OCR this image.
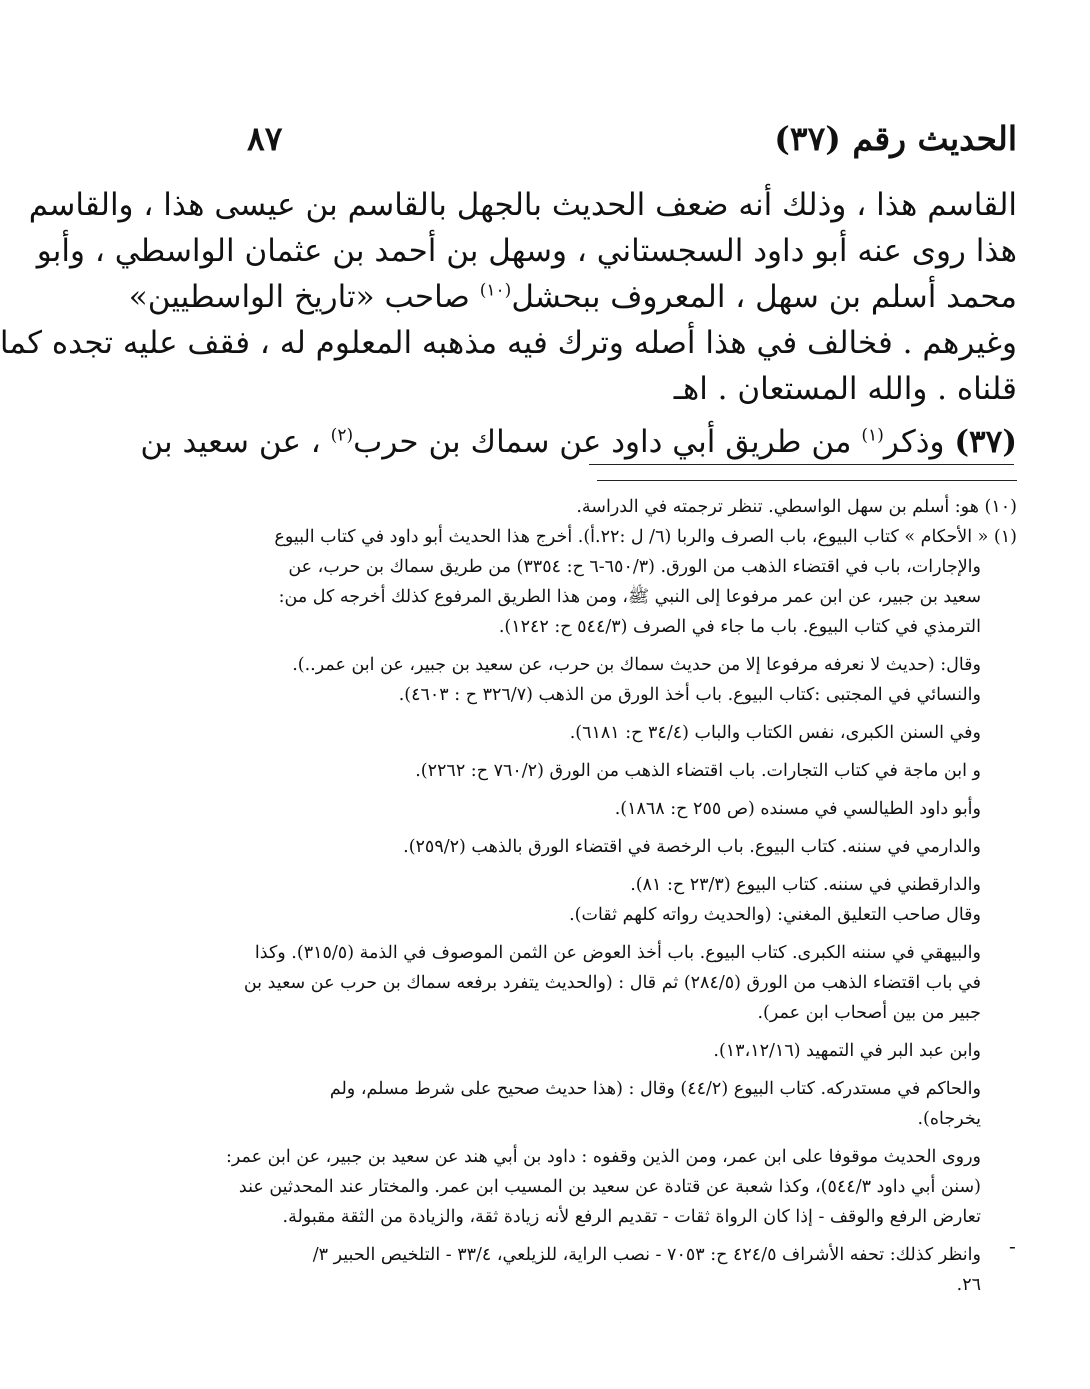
الحديث رقم (٣٧)
٨٧
القاسم هذا ، وذلك أنه ضعف الحديث بالجهل بالقاسم بن عيسى هذا ، والقاسم
هذا روى عنه أبو داود السجستاني ، وسهل بن أحمد بن عثمان الواسطي ، وأبو
محمد أسلم بن سهل ، المعروف ببحشل$^{(١٠)}$ صاحب «تاريخ الواسطيين»
وغيرهم . فخالف في هذا أصله وترك فيه مذهبه المعلوم له ، فقف عليه تجده كما
قلناه . والله المستعان . اهـ
(٣٧) وذكر$^{(١)}$ من طريق أبي داود عن سماك بن حرب$^{(٢)}$ ، عن سعيد بن
(١٠) هو: أسلم بن سهل الواسطي. تنظر ترجمته في الدراسة.
(١) « الأحكام » كتاب البيوع، باب الصرف والربا (٦/ ل :٢٢.أ). أخرج هذا الحديث أبو داود في كتاب البيوع
والإجارات، باب في اقتضاء الذهب من الورق. (٦٥٠/٣-٦ ح: ٣٣٥٤) من طريق سماك بن حرب، عن
سعيد بن جبير، عن ابن عمر مرفوعا إلى النبي ﷺ، ومن هذا الطريق المرفوع كذلك أخرجه كل من:
الترمذي في كتاب البيوع. باب ما جاء في الصرف (٥٤٤/٣ ح: ١٢٤٢).
وقال: (حديث لا نعرفه مرفوعا إلا من حديث سماك بن حرب، عن سعيد بن جبير، عن ابن عمر..).
والنسائي في المجتبى :كتاب البيوع. باب أخذ الورق من الذهب (٣٢٦/٧ ح : ٤٦٠٣).
وفي السنن الكبرى، نفس الكتاب والباب (٣٤/٤ ح: ٦١٨١).
و ابن ماجة في كتاب التجارات. باب اقتضاء الذهب من الورق (٧٦٠/٢ ح: ٢٢٦٢).
وأبو داود الطيالسي في مسنده (ص ٢٥٥ ح: ١٨٦٨).
والدارمي في سننه. كتاب البيوع. باب الرخصة في اقتضاء الورق بالذهب (٢٥٩/٢).
والدارقطني في سننه. كتاب البيوع (٢٣/٣ ح: ٨١).
وقال صاحب التعليق المغني: (والحديث رواته كلهم ثقات).
والبيهقي في سننه الكبرى. كتاب البيوع. باب أخذ العوض عن الثمن الموصوف في الذمة (٣١٥/٥). وكذا
في باب اقتضاء الذهب من الورق (٢٨٤/٥) ثم قال : (والحديث يتفرد برفعه سماك بن حرب عن سعيد بن
جبير من بين أصحاب ابن عمر).
وابن عبد البر في التمهيد (١٣،١٢/١٦).
والحاكم في مستدركه. كتاب البيوع (٤٤/٢) وقال : (هذا حديث صحيح على شرط مسلم، ولم
يخرجاه).
وروى الحديث موقوفا على ابن عمر، ومن الذين وقفوه : داود بن أبي هند عن سعيد بن جبير، عن ابن عمر:
(سنن أبي داود ٥٤٤/٣)، وكذا شعبة عن قتادة عن سعيد بن المسيب ابن عمر. والمختار عند المحدثين عند
تعارض الرفع والوقف - إذا كان الرواة ثقات - تقديم الرفع لأنه زيادة ثقة، والزيادة من الثقة مقبولة.
وانظر كذلك: تحفه الأشراف ٤٢٤/٥ ح: ٧٠٥٣ - نصب الراية، للزيلعي، ٣٣/٤ - التلخيص الحبير ٣/
٢٦.
-
